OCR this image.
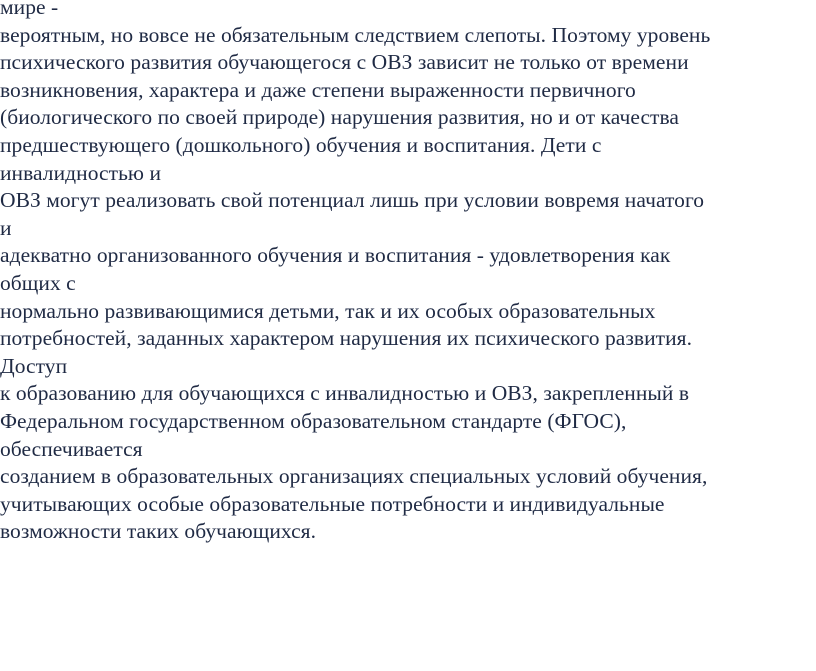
мире -
вероятным, но вовсе не обязательным следствием слепоты. Поэтому уровень
психического развития обучающегося с ОВЗ зависит не только от времени
возникновения, характера и даже степени выраженности первичного
(биологического по своей природе) нарушения развития, но и от качества
предшествующего (дошкольного) обучения и воспитания. Дети с
инвалидностью и
ОВЗ могут реализовать свой потенциал лишь при условии вовремя начатого
и
адекватно организованного обучения и воспитания - удовлетворения как
общих с
нормально развивающимися детьми, так и их особых образовательных
потребностей, заданных характером нарушения их психического развития.
Доступ
к образованию для обучающихся с инвалидностью и ОВЗ, закрепленный в
Федеральном государственном образовательном стандарте (ФГОС),
обеспечивается
созданием в образовательных организациях специальных условий обучения,
учитывающих особые образовательные потребности и индивидуальные
возможности таких обучающихся.
